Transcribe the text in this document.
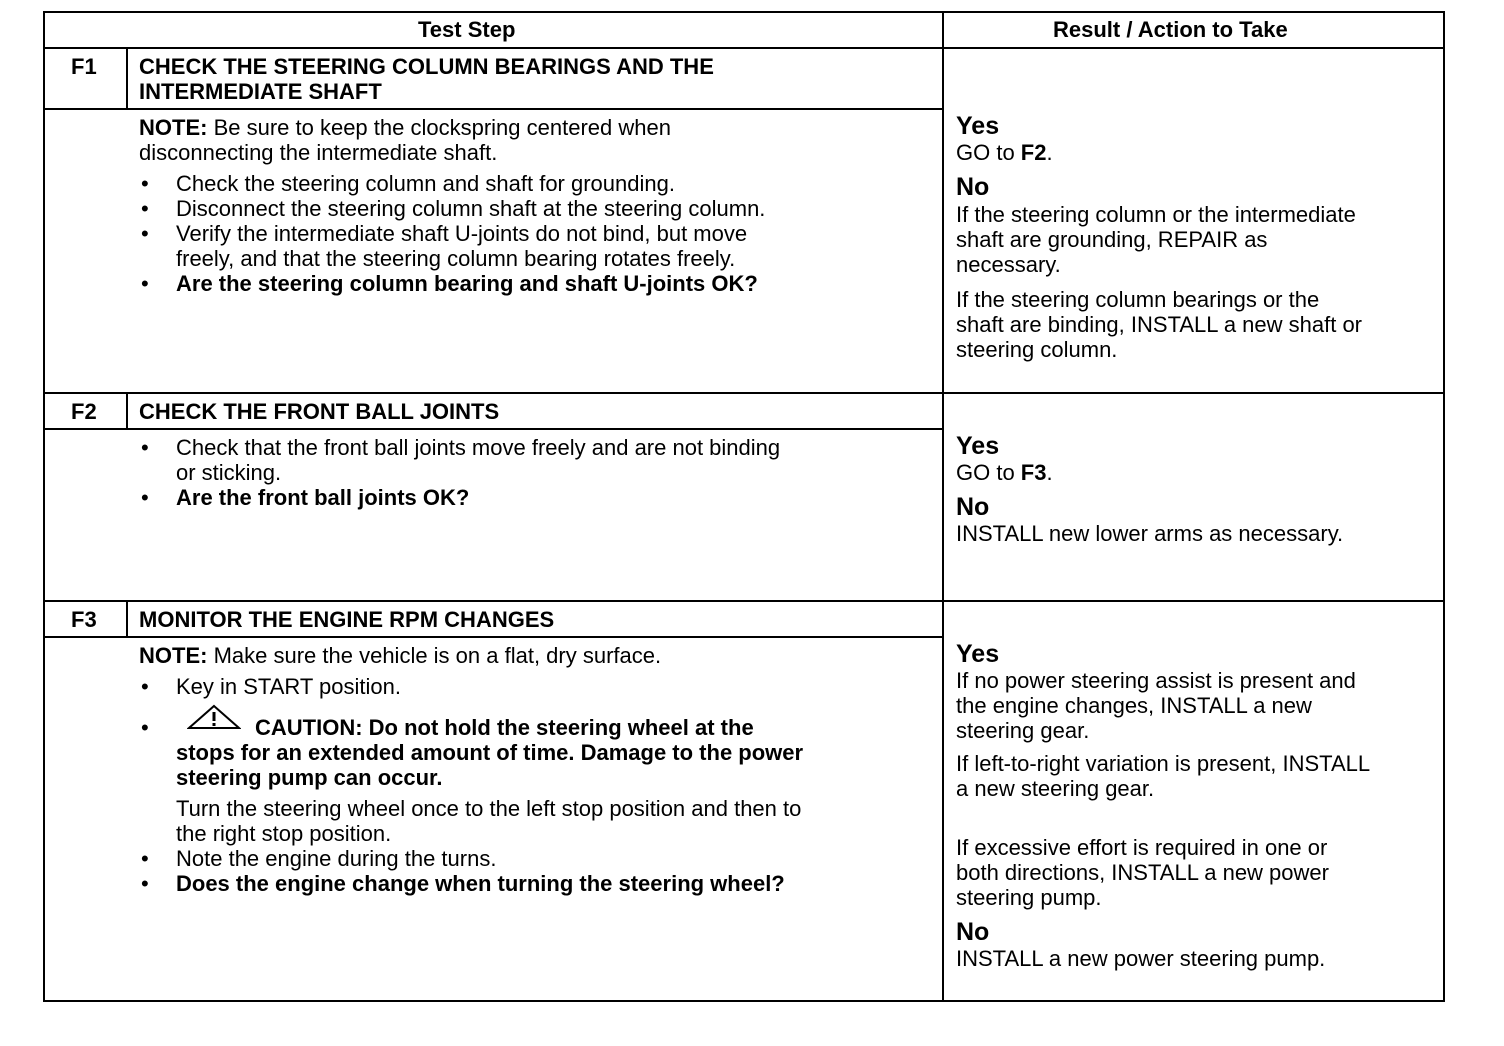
Test Step	Result / Action to Take
F1 CHECK THE STEERING COLUMN BEARINGS AND THE
INTERMEDIATE SHAFT
NOTE: Be sure to keep the clockspring centered when
disconnecting the intermediate shaft.
• Check the steering column and shaft for grounding.
• Disconnect the steering column shaft at the steering column.
• Verify the intermediate shaft U-joints do not bind, but move
freely, and that the steering column bearing rotates freely.
• Are the steering column bearing and shaft U-joints OK?
Yes
GO to F2.
No
If the steering column or the intermediate
shaft are grounding, REPAIR as
necessary.
If the steering column bearings or the
shaft are binding, INSTALL a new shaft or
steering column.
F2 CHECK THE FRONT BALL JOINTS
• Check that the front ball joints move freely and are not binding
or sticking.
• Are the front ball joints OK?
Yes
GO to F3.
No
INSTALL new lower arms as necessary.
F3 MONITOR THE ENGINE RPM CHANGES
NOTE: Make sure the vehicle is on a flat, dry surface.
• Key in START position.
•	CAUTION: Do not hold the steering wheel at the
stops for an extended amount of time. Damage to the power
steering pump can occur.
Turn the steering wheel once to the left stop position and then to
the right stop position.
• Note the engine during the turns.
• Does the engine change when turning the steering wheel?
Yes
If no power steering assist is present and
the engine changes, INSTALL a new
steering gear.
If left-to-right variation is present, INSTALL
a new steering gear.
If excessive effort is required in one or
both directions, INSTALL a new power
steering pump.
No
INSTALL a new power steering pump.
